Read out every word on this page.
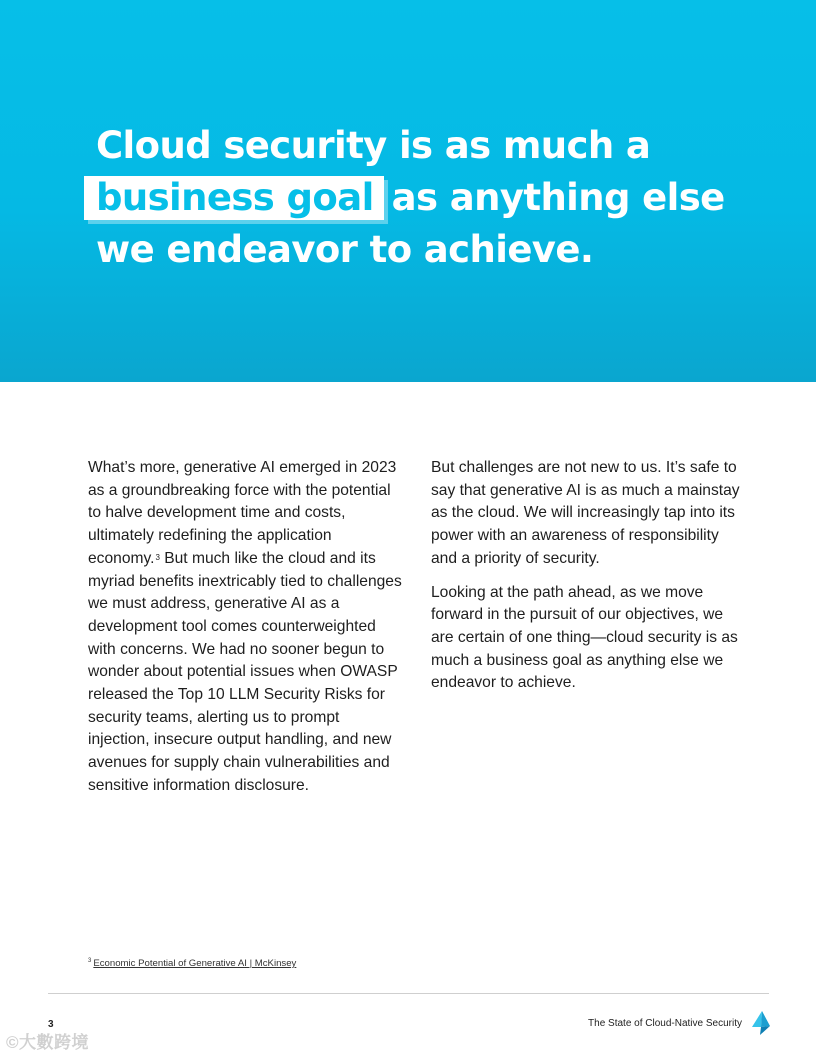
Cloud security is as much a
business goal as anything else
we endeavor to achieve.

What’s more, generative AI emerged in 2023 as a groundbreaking force with the potential to halve development time and costs, ultimately redefining the application economy.$^3$ But much like the cloud and its myriad benefits inextricably tied to challenges we must address, generative AI as a development tool comes counterweighted with concerns. We had no sooner begun to wonder about potential issues when OWASP released the Top 10 LLM Security Risks for security teams, alerting us to prompt injection, insecure output handling, and new avenues for supply chain vulnerabilities and sensitive information disclosure.

But challenges are not new to us. It’s safe to say that generative AI is as much a mainstay as the cloud. We will increasingly tap into its power with an awareness of responsibility and a priority of security.

Looking at the path ahead, as we move forward in the pursuit of our objectives, we are certain of one thing—cloud security is as much a business goal as anything else we endeavor to achieve.

$^3$ Economic Potential of Generative AI | McKinsey
3	The State of Cloud-Native Security
©大數跨境
